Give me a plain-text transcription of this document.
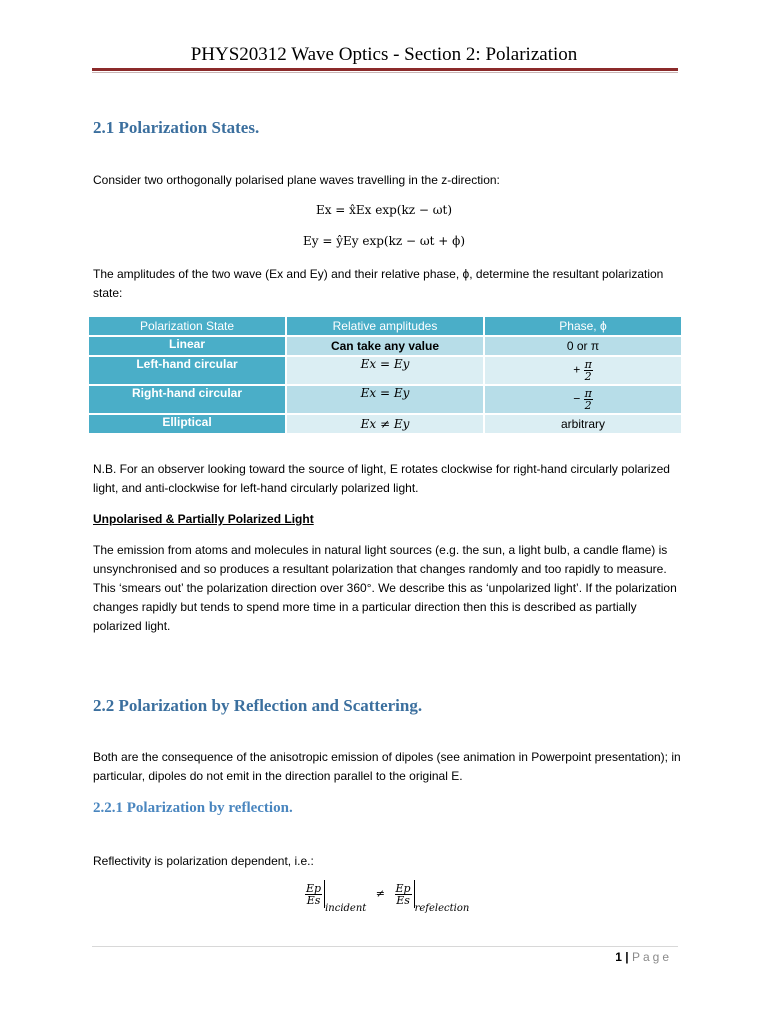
PHYS20312 Wave Optics - Section 2: Polarization
2.1 Polarization States.
Consider two orthogonally polarised plane waves travelling in the z-direction:
Ex = x̂Ex exp(kz − ωt)
Ey = ŷEy exp(kz − ωt + ϕ)
The amplitudes of the two wave (Ex and Ey) and their relative phase, ϕ, determine the resultant polarization state:
Polarization State	Relative amplitudes	Phase, ϕ
Linear	Can take any value	0 or π
Left-hand circular	Ex = Ey	+ $\frac{\pi}{2}$

Right-hand circular	Ex = Ey	− $\frac{\pi}{2}$

Elliptical	Ex ≠ Ey	arbitrary
N.B. For an observer looking toward the source of light, E rotates clockwise for right-hand circularly polarized light, and anti-clockwise for left-hand circularly polarized light.
Unpolarised & Partially Polarized Light
The emission from atoms and molecules in natural light sources (e.g. the sun, a light bulb, a candle flame) is unsynchronised and so produces a resultant polarization that changes randomly and too rapidly to measure. This ‘smears out’ the polarization direction over 360°. We describe this as ‘unpolarized light’. If the polarization changes rapidly but tends to spend more time in a particular direction then this is described as partially polarized light.
2.2 Polarization by Reflection and Scattering.
Both are the consequence of the anisotropic emission of dipoles (see animation in Powerpoint presentation); in particular, dipoles do not emit in the direction parallel to the original E.
2.2.1 Polarization by reflection.
Reflectivity is polarization dependent, i.e.:
$\frac{Ep}{Es}$
incident ≠ $\frac{Ep}{Es}$
refelection
1 | Page
